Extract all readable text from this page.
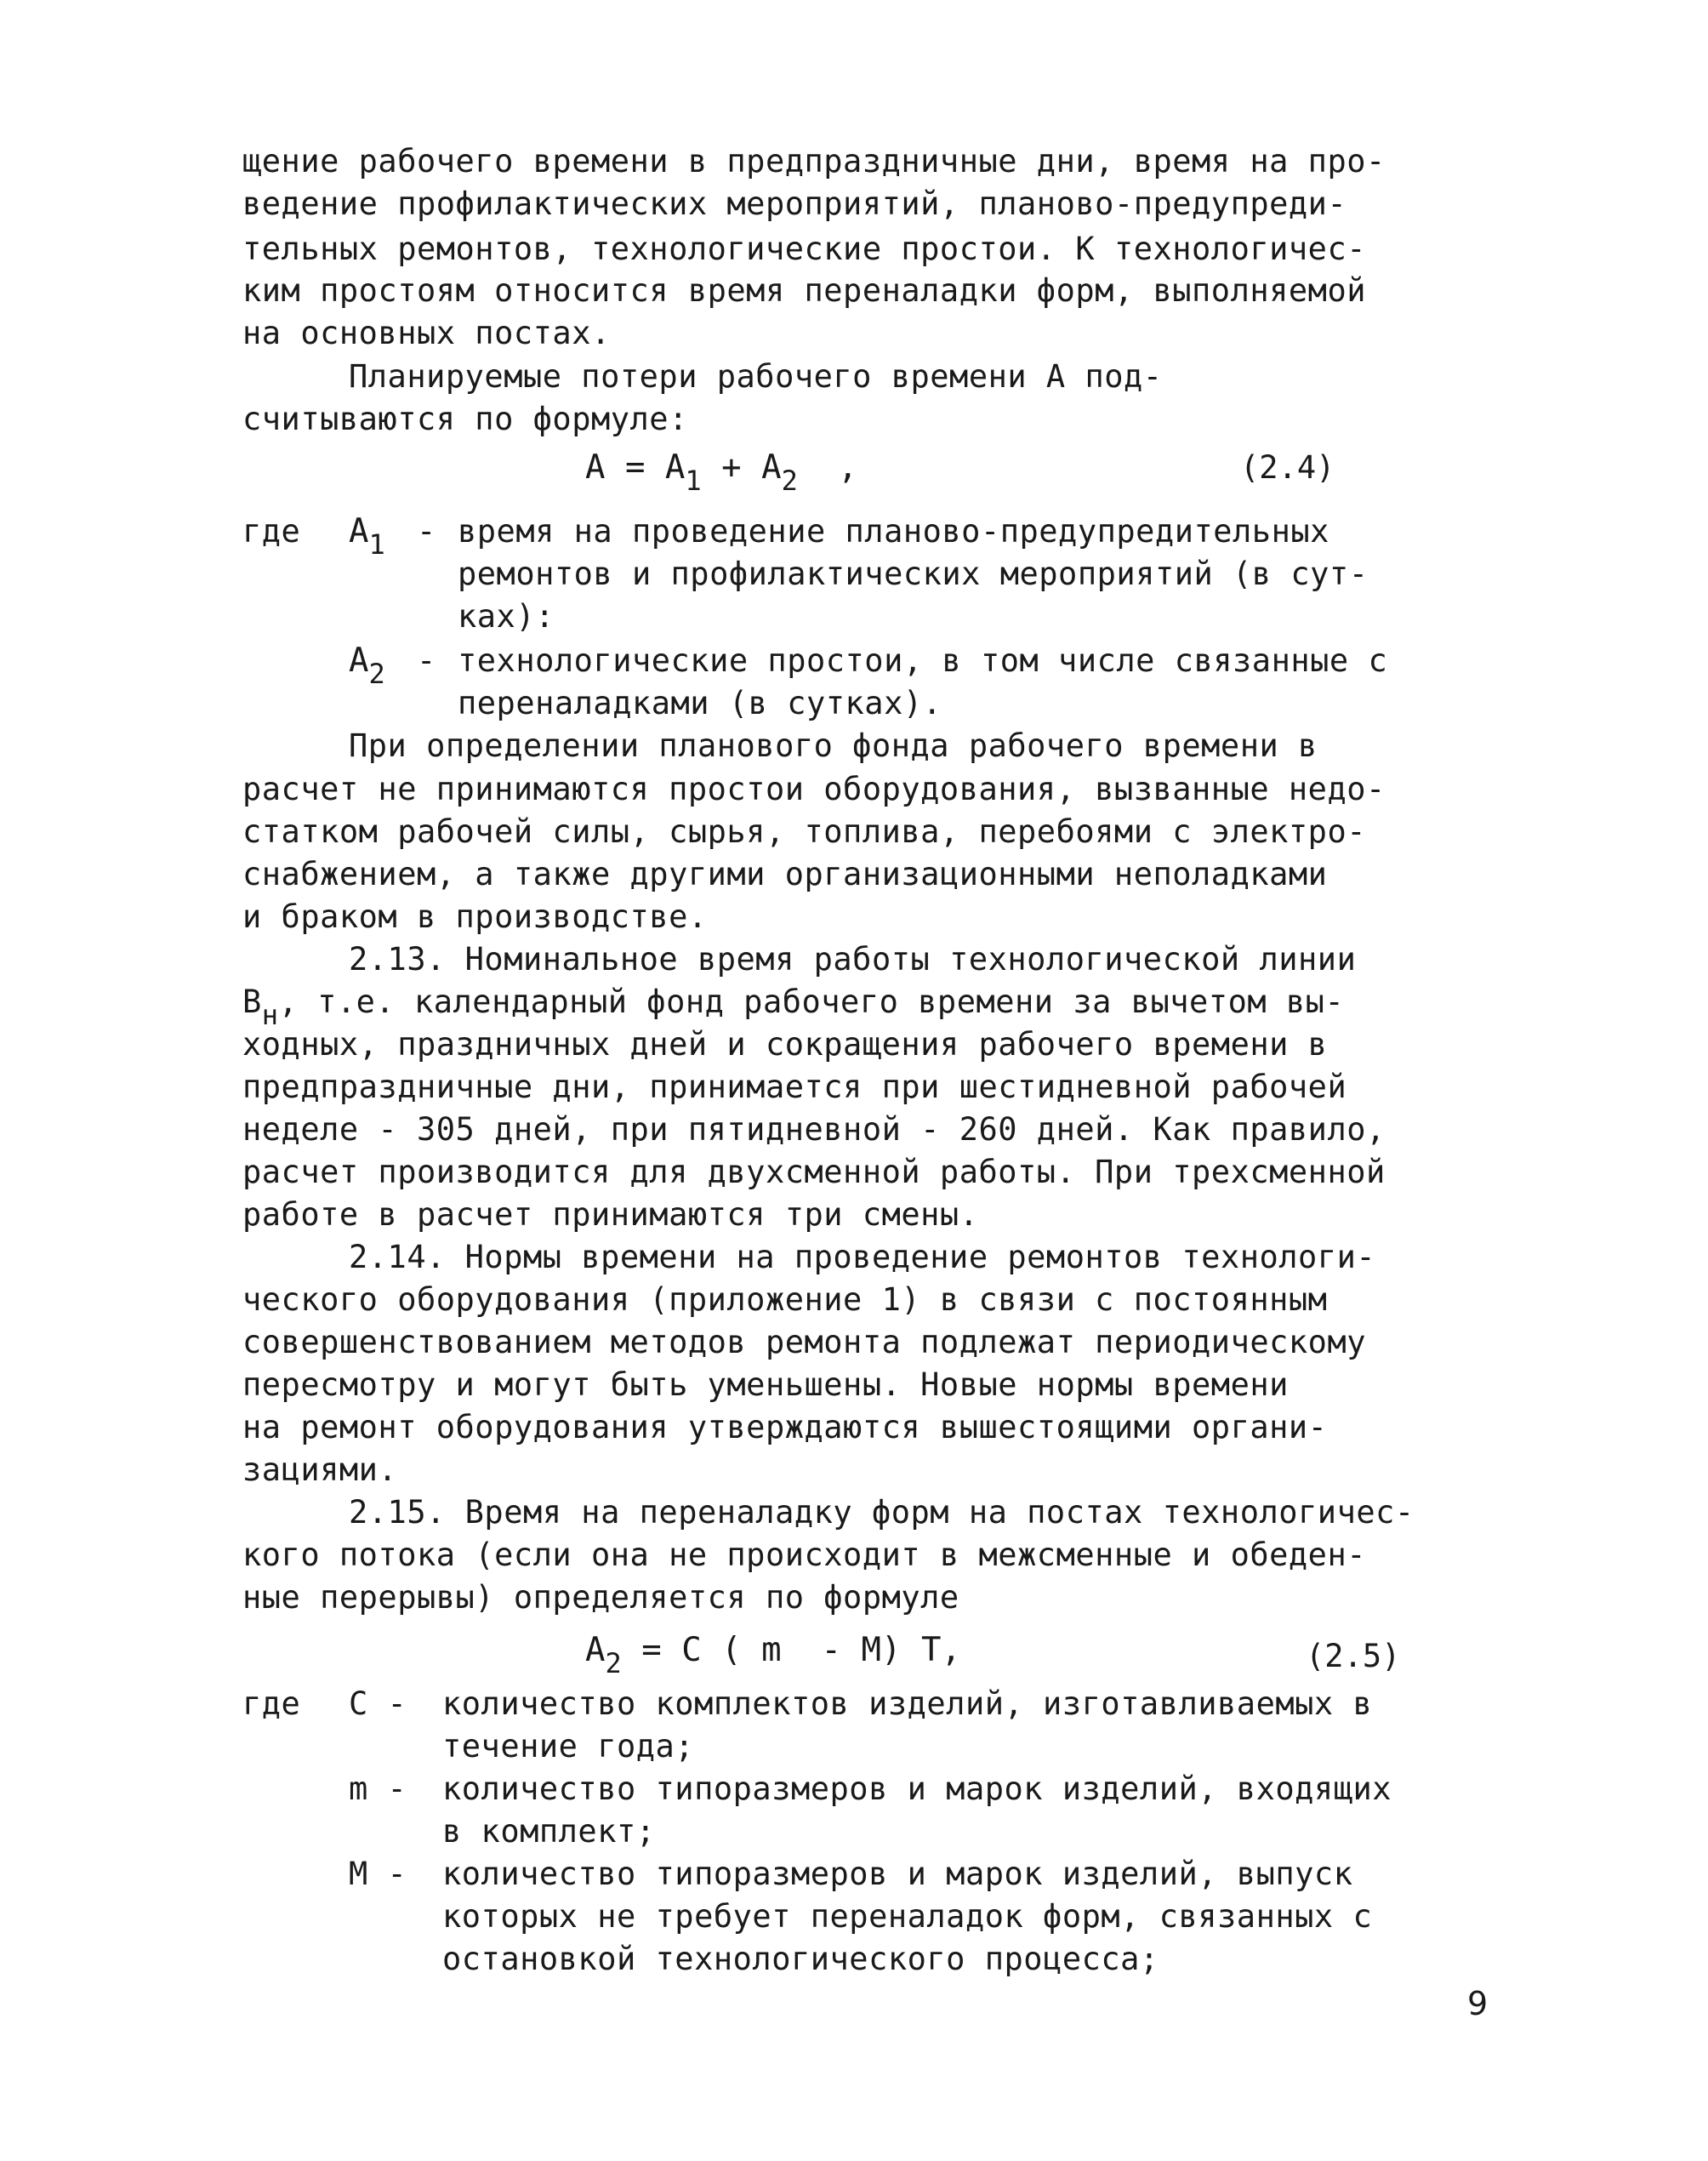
щение рабочего времени в предпраздничные дни, время на про-
ведение профилактических мероприятий, планово-предупреди-
тельных ремонтов, технологические простои. К технологичес-
ким простоям относится время переналадки форм, выполняемой
на основных постах.
Планируемые потери рабочего времени А под-
считываются по формуле:
$А = А_1 + А_2$  ,	(2.4)
где $А_1$ - время на проведение планово-предупредительных
ремонтов и профилактических мероприятий (в сут-
ках):
$А_2$ - технологические простои, в том числе связанные с
переналадками (в сутках).
При определении планового фонда рабочего времени в
расчет не принимаются простои оборудования, вызванные недо-
статком рабочей силы, сырья, топлива, перебоями с электро-
снабжением, а также другими организационными неполадками
и браком в производстве.
2.13. Номинальное время работы технологической линии
Вн, т.е. календарный фонд рабочего времени за вычетом вы-
ходных, праздничных дней и сокращения рабочего времени в
предпраздничные дни, принимается при шестидневной рабочей
неделе - 305 дней, при пятидневной - 260 дней. Как правило,
расчет производится для двухсменной работы. При трехсменной
работе в расчет принимаются три смены.
2.14. Нормы времени на проведение ремонтов технологи-
ческого оборудования (приложение 1) в связи с постоянным
совершенствованием методов ремонта подлежат периодическому
пересмотру и могут быть уменьшены. Новые нормы времени
на ремонт оборудования утверждаются вышестоящими органи-
зациями.
2.15. Время на переналадку форм на постах технологичес-
кого потока (если она не происходит в межсменные и обеден-
ные перерывы) определяется по формуле
$А_2 = С$ ( m  - М) Т,	(2.5)
где С - количество комплектов изделий, изготавливаемых в
течение года;
m - количество типоразмеров и марок изделий, входящих
в комплект;
М - количество типоразмеров и марок изделий, выпуск
которых не требует переналадок форм, связанных с
остановкой технологического процесса;
9
